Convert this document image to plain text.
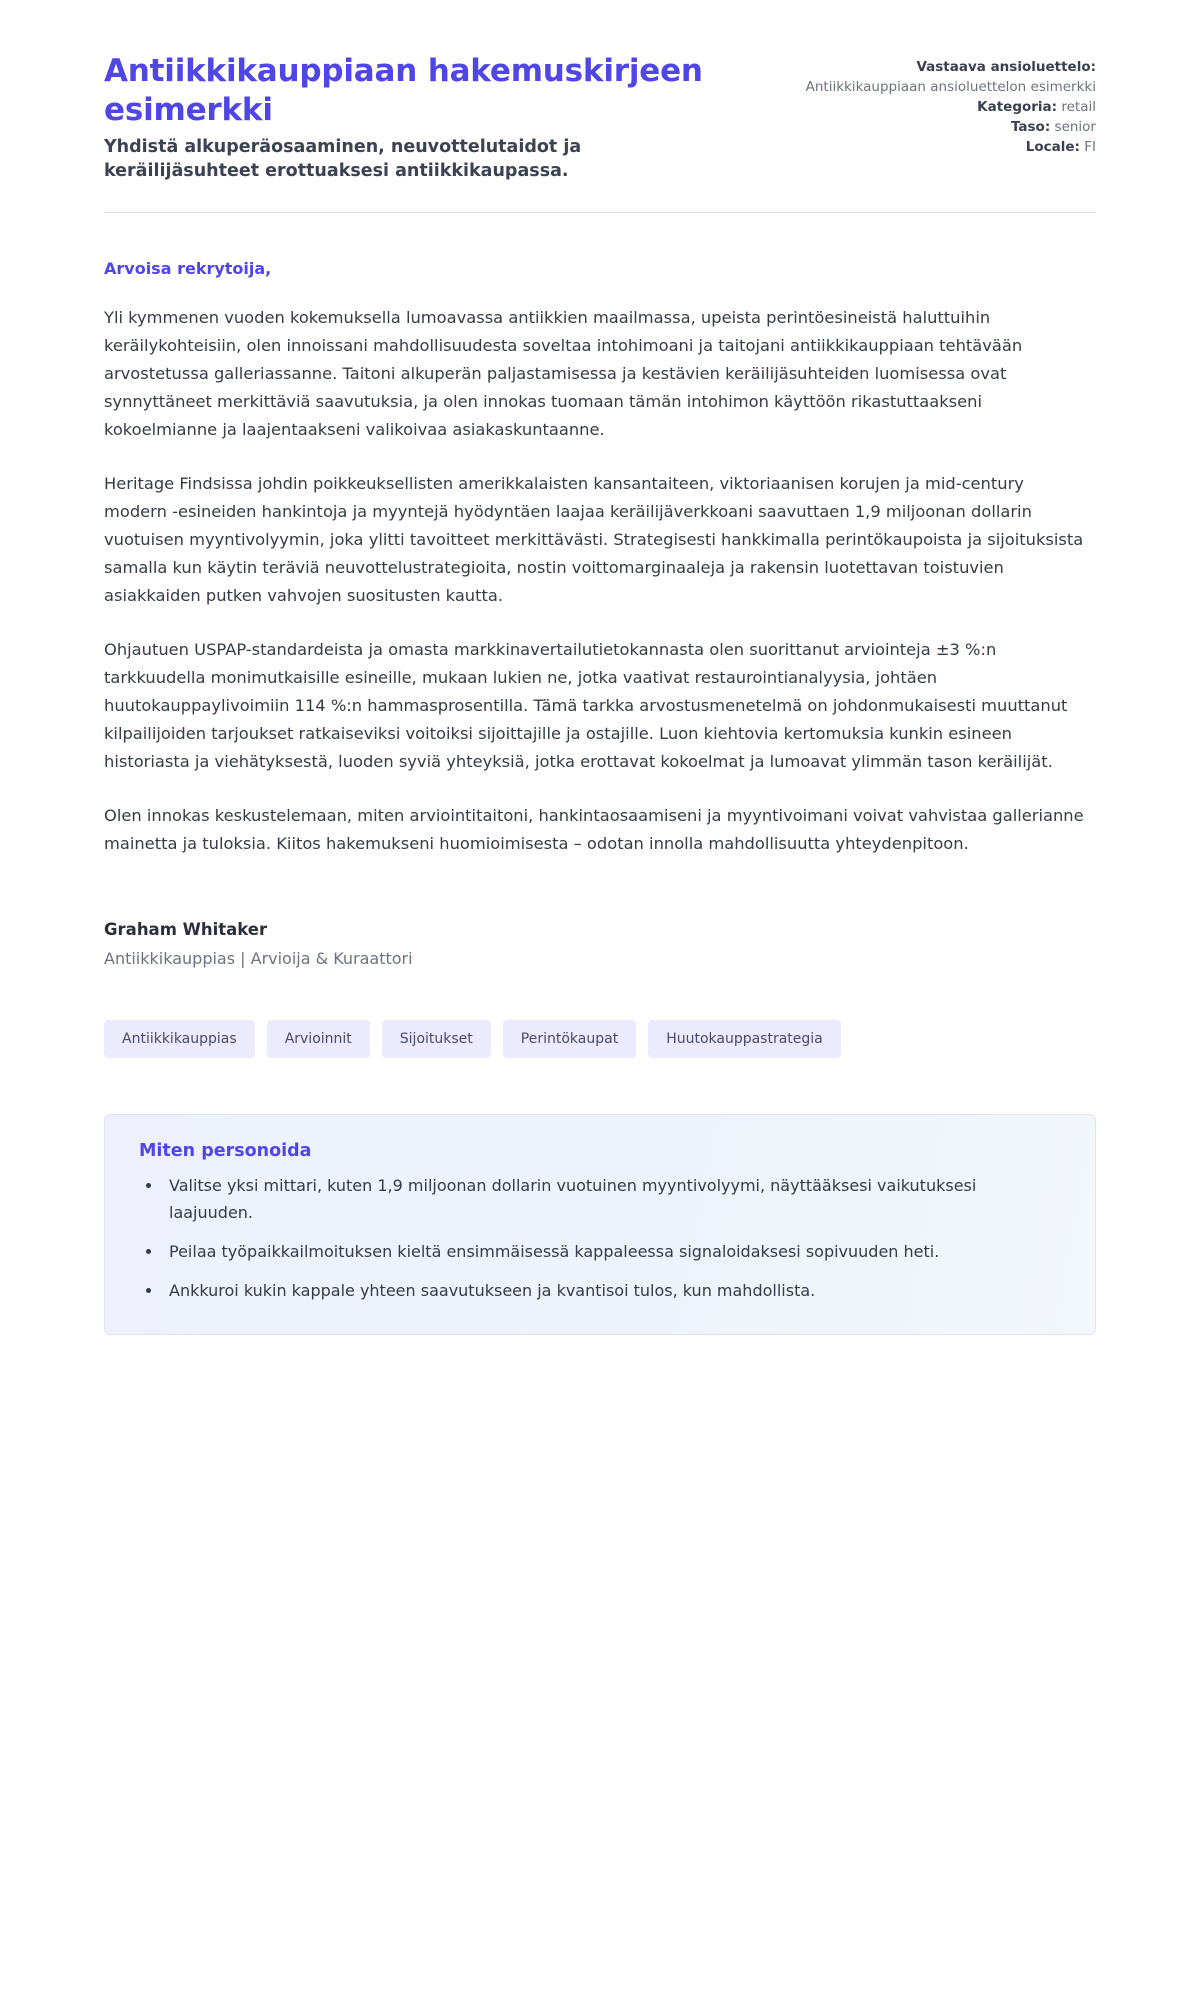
Antiikkikauppiaan hakemuskirjeen esimerkki

Yhdistä alkuperäosaaminen, neuvottelutaidot ja keräilijäsuhteet erottuaksesi antiikkikaupassa.

Vastaava ansioluettelo:
Antiikkikauppiaan ansioluettelon esimerkki
Kategoria: retail
Taso: senior
Locale: FI

Arvoisa rekrytoija,

Yli kymmenen vuoden kokemuksella lumoavassa antiikkien maailmassa, upeista perintöesineistä haluttuihin keräilykohteisiin, olen innoissani mahdollisuudesta soveltaa intohimoani ja taitojani antiikkikauppiaan tehtävään arvostetussa galleriassanne. Taitoni alkuperän paljastamisessa ja kestävien keräilijäsuhteiden luomisessa ovat synnyttäneet merkittäviä saavutuksia, ja olen innokas tuomaan tämän intohimon käyttöön rikastuttaakseni kokoelmianne ja laajentaakseni valikoivaa asiakaskuntaanne.

Heritage Findsissa johdin poikkeuksellisten amerikkalaisten kansantaiteen, viktoriaanisen korujen ja mid-century modern -esineiden hankintoja ja myyntejä hyödyntäen laajaa keräilijäverkkoani saavuttaen 1,9 miljoonan dollarin vuotuisen myyntivolyymin, joka ylitti tavoitteet merkittävästi. Strategisesti hankkimalla perintökaupoista ja sijoituksista samalla kun käytin teräviä neuvottelustrategioita, nostin voittomarginaaleja ja rakensin luotettavan toistuvien asiakkaiden putken vahvojen suositusten kautta.

Ohjautuen USPAP-standardeista ja omasta markkinavertailutietokannasta olen suorittanut arviointeja ±3 %:n tarkkuudella monimutkaisille esineille, mukaan lukien ne, jotka vaativat restaurointianalyysia, johtäen huutokauppaylivoimiin 114 %:n hammasprosentilla. Tämä tarkka arvostusmenetelmä on johdonmukaisesti muuttanut kilpailijoiden tarjoukset ratkaiseviksi voitoiksi sijoittajille ja ostajille. Luon kiehtovia kertomuksia kunkin esineen historiasta ja viehätyksestä, luoden syviä yhteyksiä, jotka erottavat kokoelmat ja lumoavat ylimmän tason keräilijät.

Olen innokas keskustelemaan, miten arviointitaitoni, hankintaosaamiseni ja myyntivoimani voivat vahvistaa gallerianne mainetta ja tuloksia. Kiitos hakemukseni huomioimisesta – odotan innolla mahdollisuutta yhteydenpitoon.

Graham Whitaker

Antiikkikauppias | Arvioija & Kuraattori

Antiikkikauppias	Arvioinnit	Sijoitukset	Perintökaupat	Huutokauppastrategia
Miten personoida
• Valitse yksi mittari, kuten 1,9 miljoonan dollarin vuotuinen myyntivolyymi, näyttääksesi vaikutuksesi laajuuden.
• Peilaa työpaikkailmoituksen kieltä ensimmäisessä kappaleessa signaloidaksesi sopivuuden heti.
• Ankkuroi kukin kappale yhteen saavutukseen ja kvantisoi tulos, kun mahdollista.
